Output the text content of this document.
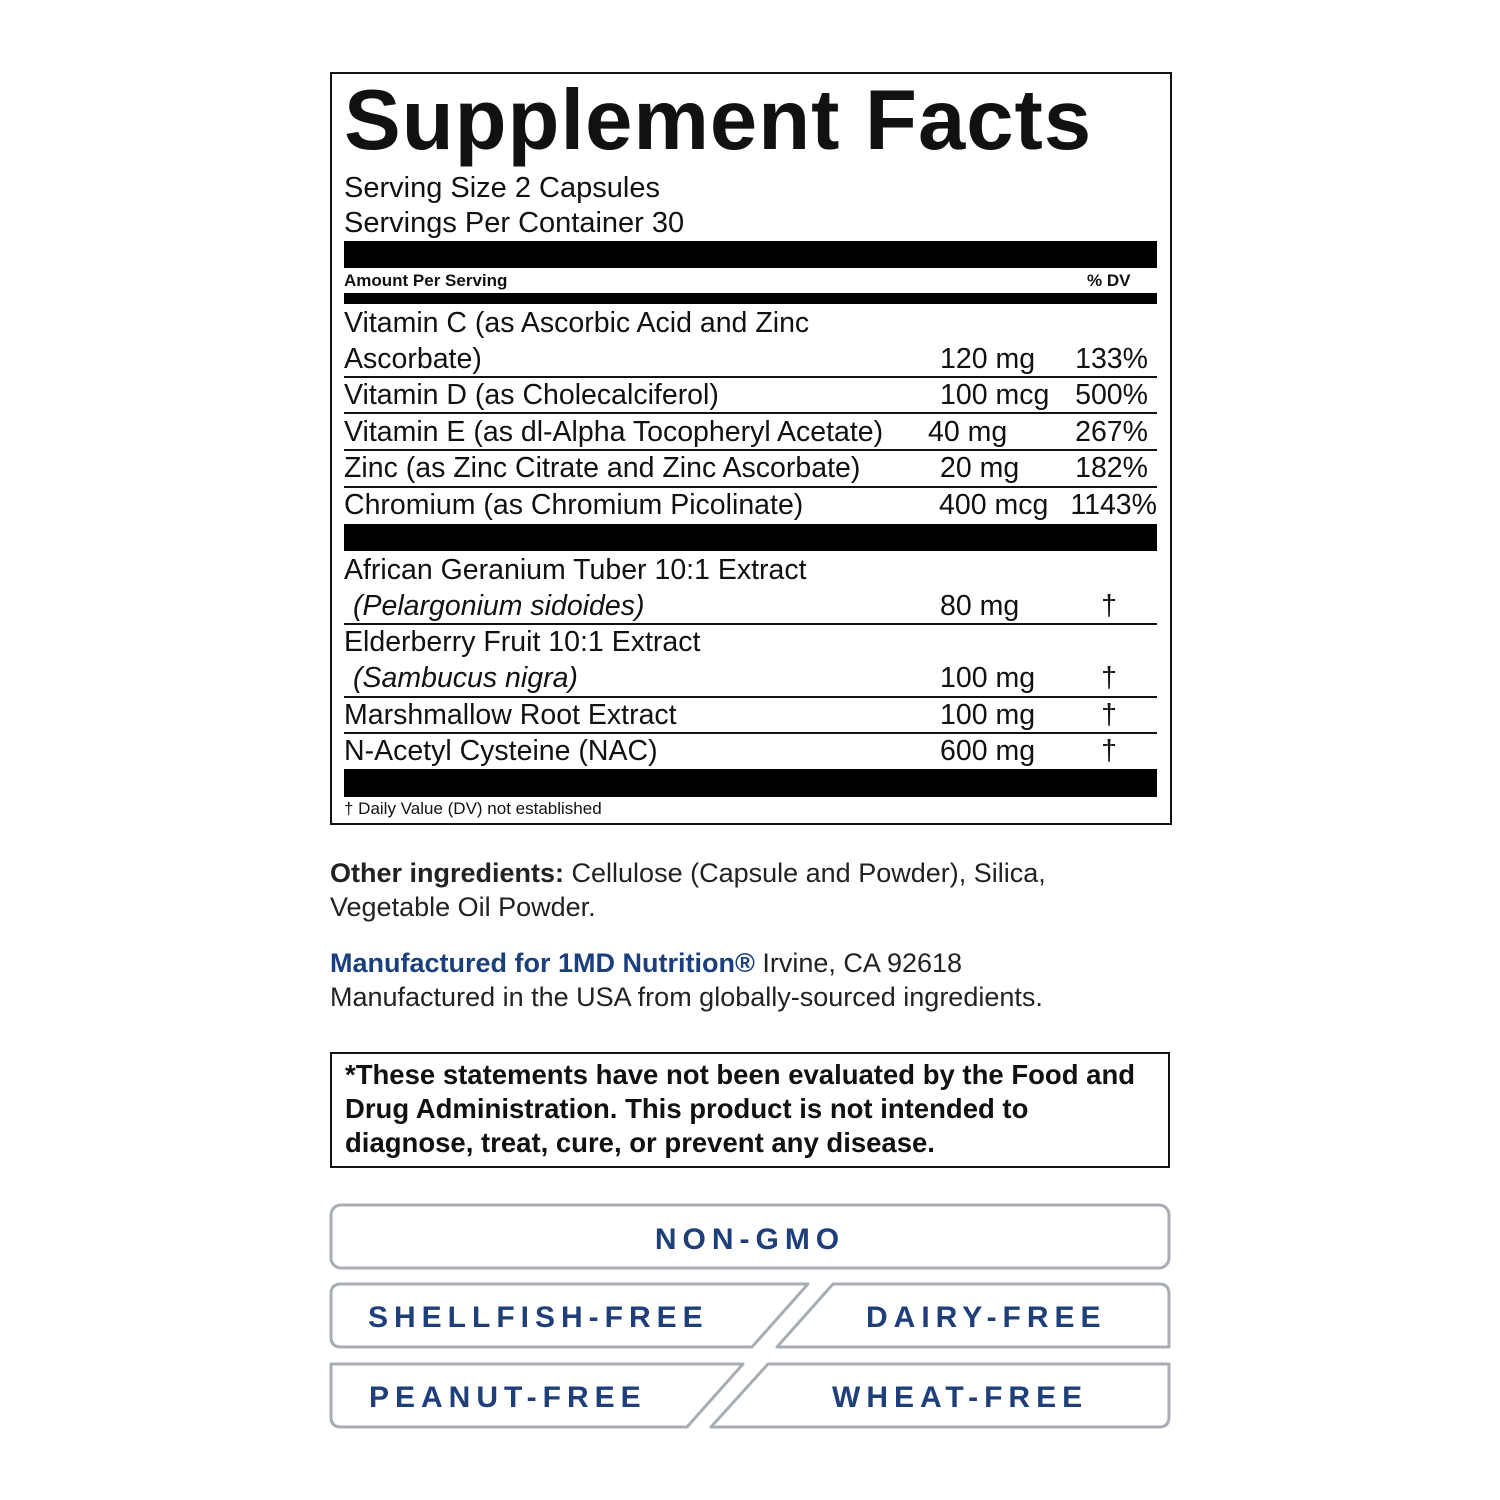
Supplement Facts
Serving Size 2 Capsules
Servings Per Container 30
Amount Per Serving	% DV
Vitamin C (as Ascorbic Acid and Zinc
Ascorbate)	120 mg 133%
Vitamin D (as Cholecalciferol)	100 mcg 500%
Vitamin E (as dl-Alpha Tocopheryl Acetate) 40 mg 267%
Zinc (as Zinc Citrate and Zinc Ascorbate)	20 mg 182%
Chromium (as Chromium Picolinate)	400 mcg 1143%
African Geranium Tuber 10:1 Extract
(Pelargonium sidoides)	80 mg	†
Elderberry Fruit 10:1 Extract
(Sambucus nigra)	100 mg †
Marshmallow Root Extract	100 mg †
N-Acetyl Cysteine (NAC)	600 mg †
† Daily Value (DV) not established
Other ingredients: Cellulose (Capsule and Powder), Silica,
Vegetable Oil Powder.
Manufactured for 1MD Nutrition® Irvine, CA 92618
Manufactured in the USA from globally-sourced ingredients.
*These statements have not been evaluated by the Food and
Drug Administration. This product is not intended to
diagnose, treat, cure, or prevent any disease.
NON-GMO
SHELLFISH-FREE	DAIRY-FREE
PEANUT-FREE	WHEAT-FREE
